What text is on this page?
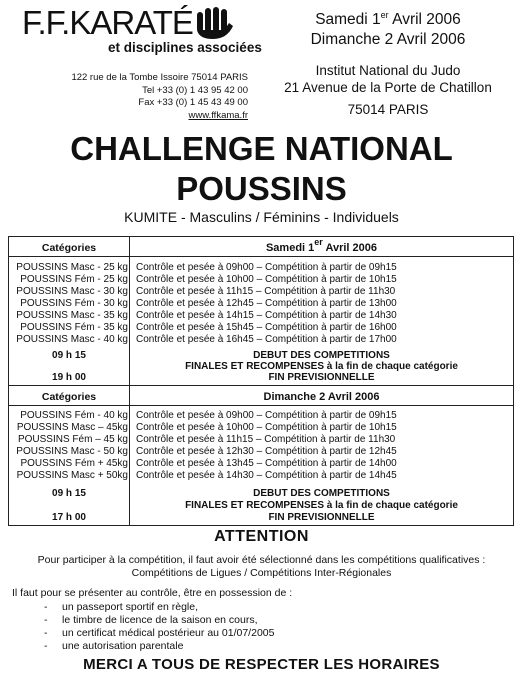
F.F.KARATÉ
et disciplines associées
122 rue de la Tombe Issoire 75014 PARIS
Tel +33 (0) 1 43 95 42 00
Fax +33 (0) 1 45 43 49 00
www.ffkama.fr
Samedi 1er Avril 2006
Dimanche 2 Avril 2006
Institut National du Judo
21 Avenue de la Porte de Chatillon
75014 PARIS
CHALLENGE NATIONAL
POUSSINS
KUMITE - Masculins / Féminins - Individuels
Catégories	Samedi 1er Avril 2006
POUSSINS Masc - 25 kg Contrôle et pesée à 09h00 – Compétition à partir de 09h15
POUSSINS Fém - 25 kg Contrôle et pesée à 10h00 – Compétition à partir de 10h15
POUSSINS Masc - 30 kg Contrôle et pesée à 11h15 – Compétition à partir de 11h30
POUSSINS Fém - 30 kg Contrôle et pesée à 12h45 – Compétition à partir de 13h00
POUSSINS Masc - 35 kg Contrôle et pesée à 14h15 – Compétition à partir de 14h30
POUSSINS Fém - 35 kg Contrôle et pesée à 15h45 – Compétition à partir de 16h00
POUSSINS Masc - 40 kg Contrôle et pesée à 16h45 – Compétition à partir de 17h00
09 h 15	DEBUT DES COMPETITIONS
FINALES ET RECOMPENSES à la fin de chaque catégorie
19 h 00	FIN PREVISIONNELLE
Catégories	Dimanche 2 Avril 2006
POUSSINS Fém - 40 kg Contrôle et pesée à 09h00 – Compétition à partir de 09h15
POUSSINS Masc – 45kg Contrôle et pesée à 10h00 – Compétition à partir de 10h15
POUSSINS Fém – 45 kg Contrôle et pesée à 11h15 – Compétition à partir de 11h30
POUSSINS Masc - 50 kg Contrôle et pesée à 12h30 – Compétition à partir de 12h45
POUSSINS Fém + 45kg Contrôle et pesée à 13h45 – Compétition à partir de 14h00
POUSSINS Masc + 50kg Contrôle et pesée à 14h30 – Compétition à partir de 14h45
09 h 15	DEBUT DES COMPETITIONS
FINALES ET RECOMPENSES à la fin de chaque catégorie
17 h 00	FIN PREVISIONNELLE
ATTENTION
Pour participer à la compétition, il faut avoir été sélectionné dans les compétitions qualificatives :
Compétitions de Ligues / Compétitions Inter-Régionales
Il faut pour se présenter au contrôle, être en possession de :
- un passeport sportif en règle,
- le timbre de licence de la saison en cours,
- un certificat médical postérieur au 01/07/2005
- une autorisation parentale
MERCI A TOUS DE RESPECTER LES HORAIRES
